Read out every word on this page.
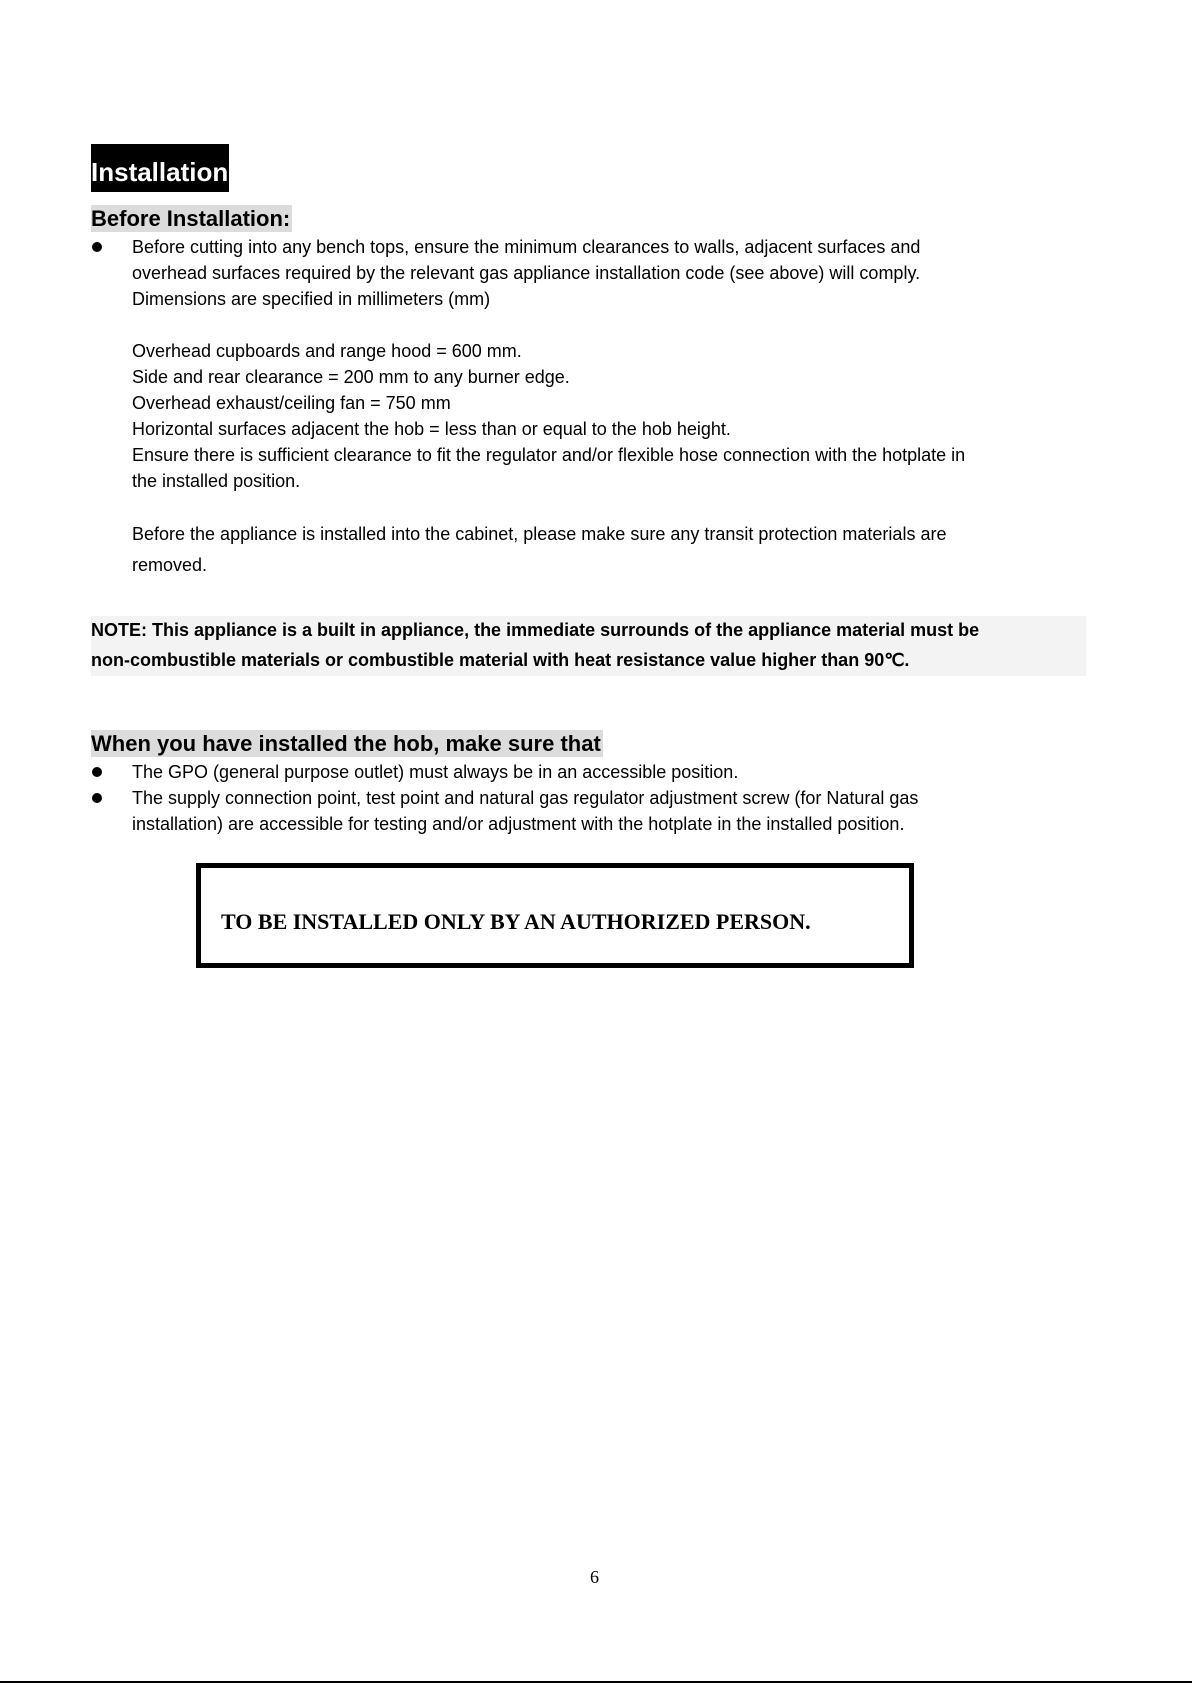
Installation
Before Installation:
Before cutting into any bench tops, ensure the minimum clearances to walls, adjacent surfaces and
overhead surfaces required by the relevant gas appliance installation code (see above) will comply.
Dimensions are specified in millimeters (mm)
Overhead cupboards and range hood = 600 mm.
Side and rear clearance = 200 mm to any burner edge.
Overhead exhaust/ceiling fan = 750 mm
Horizontal surfaces adjacent the hob = less than or equal to the hob height.
Ensure there is sufficient clearance to fit the regulator and/or flexible hose connection with the hotplate in
the installed position.
Before the appliance is installed into the cabinet, please make sure any transit protection materials are
removed.
NOTE: This appliance is a built in appliance, the immediate surrounds of the appliance material must be
non-combustible materials or combustible material with heat resistance value higher than 90℃.
When you have installed the hob, make sure that
The GPO (general purpose outlet) must always be in an accessible position.
The supply connection point, test point and natural gas regulator adjustment screw (for Natural gas
installation) are accessible for testing and/or adjustment with the hotplate in the installed position.
TO BE INSTALLED ONLY BY AN AUTHORIZED PERSON.
6
